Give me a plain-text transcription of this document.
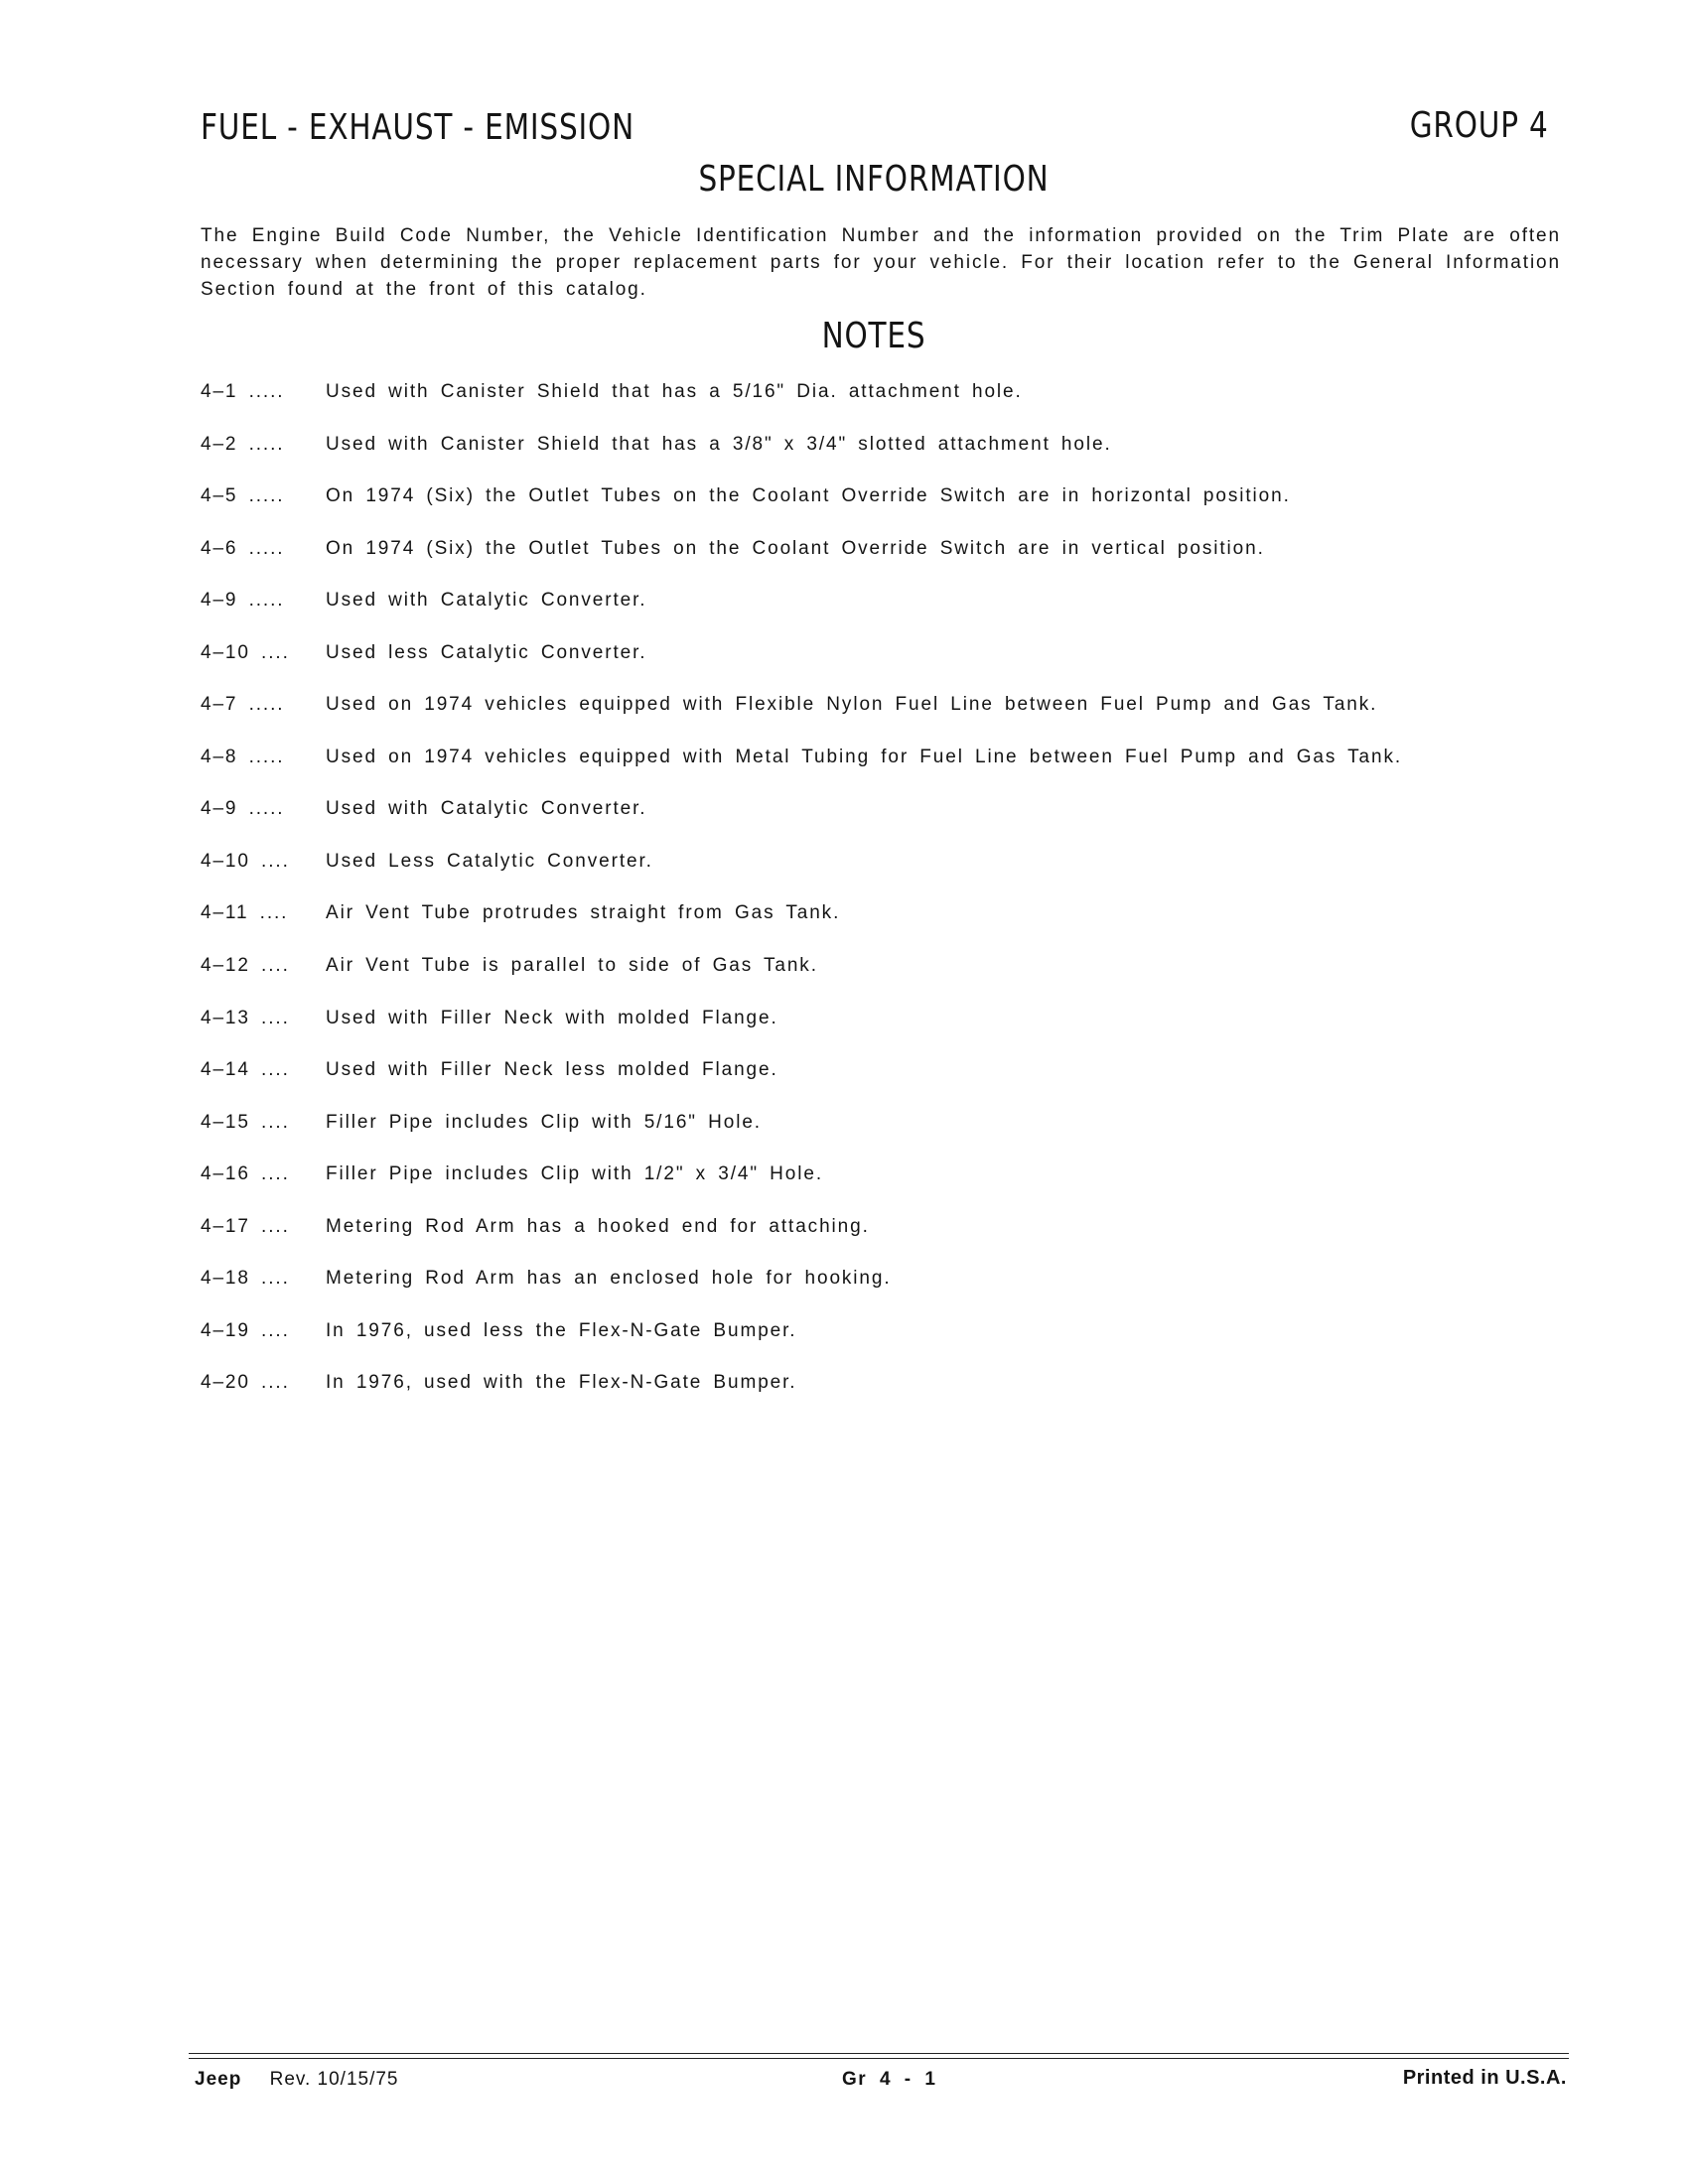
FUEL - EXHAUST - EMISSION	GROUP 4
SPECIAL INFORMATION

The Engine Build Code Number, the Vehicle Identification Number and the information provided on the Trim Plate are often necessary when determining the proper replacement parts for your vehicle. For their location refer to the General Information Section found at the front of this catalog.

NOTES
4–1 .....	Used with Canister Shield that has a 5/16" Dia. attachment hole.
4–2 .....	Used with Canister Shield that has a 3/8" x 3/4" slotted attachment hole.
4–5 .....	On 1974 (Six) the Outlet Tubes on the Coolant Override Switch are in horizontal position.
4–6 .....	On 1974 (Six) the Outlet Tubes on the Coolant Override Switch are in vertical position.
4–9 .....	Used with Catalytic Converter.
4–10 ....	Used less Catalytic Converter.
4–7 .....	Used on 1974 vehicles equipped with Flexible Nylon Fuel Line between Fuel Pump and Gas Tank.
4–8 .....	Used on 1974 vehicles equipped with Metal Tubing for Fuel Line between Fuel Pump and Gas Tank.
4–9 .....	Used with Catalytic Converter.
4–10 ....	Used Less Catalytic Converter.
4–11 ....	Air Vent Tube protrudes straight from Gas Tank.
4–12 ....	Air Vent Tube is parallel to side of Gas Tank.
4–13 ....	Used with Filler Neck with molded Flange.
4–14 ....	Used with Filler Neck less molded Flange.
4–15 ....	Filler Pipe includes Clip with 5/16" Hole.
4–16 ....	Filler Pipe includes Clip with 1/2" x 3/4" Hole.
4–17 ....	Metering Rod Arm has a hooked end for attaching.
4–18 ....	Metering Rod Arm has an enclosed hole for hooking.
4–19 ....	In 1976, used less the Flex-N-Gate Bumper.
4–20 ....	In 1976, used with the Flex-N-Gate Bumper.
Jeep Rev. 10/15/75	Gr 4 - 1	Printed in U.S.A.
